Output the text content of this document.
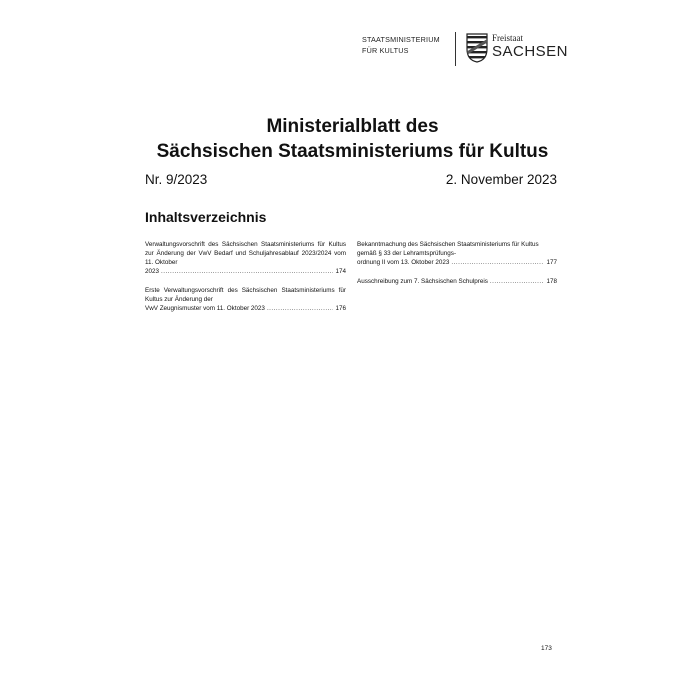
STAATSMINISTERIUM
FÜR KULTUS
Freistaat
SACHSEN
Ministerialblatt des
Sächsischen Staatsministeriums für Kultus
Nr. 9/2023	2. November 2023
Inhaltsverzeichnis
Verwaltungsvorschrift des Sächsischen Staatsministeriums für Kultus zur Änderung der VwV Bedarf und Schuljahresablauf 2023/2024 vom 11. Oktober
2023 .....	174
Erste Verwaltungsvorschrift des Sächsischen Staatsministeriums für Kultus zur Änderung der
VwV Zeugnismuster vom 11. Oktober 2023 .....	176
Bekanntmachung des Sächsischen Staatsministeriums für Kultus gemäß § 33 der Lehramtsprüfungs-
ordnung II vom 13. Oktober 2023 .....	177
Ausschreibung zum 7. Sächsischen Schulpreis .....	178
173
